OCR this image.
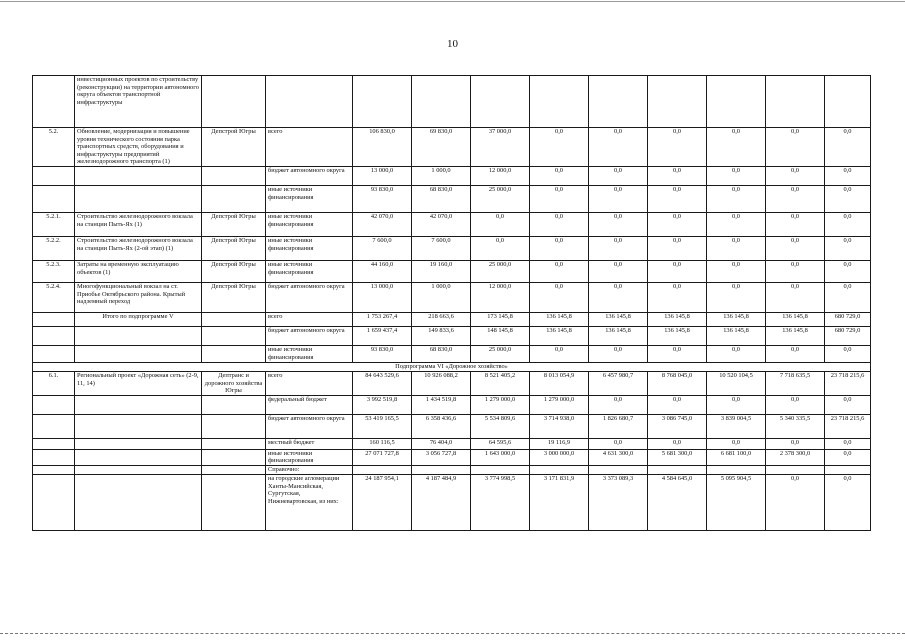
10
	инвестиционных проектов по строительству (реконструкции) на территории автономного округа объектов транспортной инфраструктуры											
5.2.	Обновление, модернизация и повышение уровня технического состояния парка транспортных средств, оборудования и инфраструктуры предприятий железнодорожного транспорта (1)	Депстрой Югры	всего	106 830,0	69 830,0	37 000,0	0,0	0,0	0,0	0,0	0,0	0,0
			бюджет автономного округа	13 000,0	1 000,0	12 000,0	0,0	0,0	0,0	0,0	0,0	0,0
			иные источники финансирования	93 830,0	68 830,0	25 000,0	0,0	0,0	0,0	0,0	0,0	0,0
5.2.1.	Строительство железнодорожного вокзала на станции Пыть-Ях (1)	Депстрой Югры	иные источники финансирования	42 070,0	42 070,0	0,0	0,0	0,0	0,0	0,0	0,0	0,0
5.2.2.	Строительство железнодорожного вокзала на станции Пыть-Ях (2-ой этап) (1)	Депстрой Югры	иные источники финансирования	7 600,0	7 600,0	0,0	0,0	0,0	0,0	0,0	0,0	0,0
5.2.3.	Затраты на временную эксплуатацию объектов (1)	Депстрой Югры	иные источники финансирования	44 160,0	19 160,0	25 000,0	0,0	0,0	0,0	0,0	0,0	0,0
5.2.4.	Многофункциональный вокзал на ст. Приобье Октябрьского района. Крытый надземный переход	Депстрой Югры	бюджет автономного округа	13 000,0	1 000,0	12 000,0	0,0	0,0	0,0	0,0	0,0	0,0
	Итого по подпрограмме V		всего	1 753 267,4	218 663,6	173 145,8	136 145,8	136 145,8	136 145,8	136 145,8	136 145,8	680 729,0
			бюджет автономного округа	1 659 437,4	149 833,6	148 145,8	136 145,8	136 145,8	136 145,8	136 145,8	136 145,8	680 729,0
			иные источники финансирования	93 830,0	68 830,0	25 000,0	0,0	0,0	0,0	0,0	0,0	0,0
Подпрограмма VI «Дорожное хозяйство»												
6.1.	Региональный проект «Дорожная сеть» (2-9, 11, 14)	Дептранс и дорожного хозяйства Югры	всего	84 643 529,6	10 926 088,2	8 521 405,2	8 013 054,9	6 457 980,7	8 768 045,0	10 520 104,5	7 718 635,5	23 718 215,6
			федеральный бюджет	3 992 519,8	1 434 519,8	1 279 000,0	1 279 000,0	0,0	0,0	0,0	0,0	0,0
			бюджет автономного округа	53 419 165,5	6 358 436,6	5 534 809,6	3 714 938,0	1 826 680,7	3 086 745,0	3 839 004,5	5 340 335,5	23 718 215,6
			местный бюджет	160 116,5	76 404,0	64 595,6	19 116,9	0,0	0,0	0,0	0,0	0,0
			иные источники финансирования	27 071 727,8	3 056 727,8	1 643 000,0	3 000 000,0	4 631 300,0	5 681 300,0	6 681 100,0	2 378 300,0	0,0
			Справочно:									
			на городские агломерации Ханты-Мансийская, Сургутская, Нижневартовская, из них:	24 187 954,1	4 187 484,9	3 774 998,5	3 171 831,9	3 373 089,3	4 584 645,0	5 095 904,5	0,0	0,0
